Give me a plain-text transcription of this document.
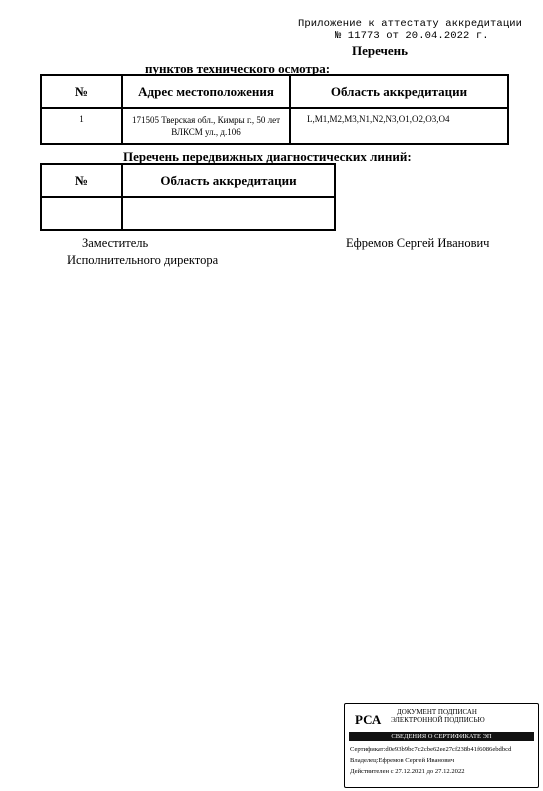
Приложение к аттестату аккредитации
№ 11773 от 20.04.2022 г.
Перечень
пунктов технического осмотра:
№	Адрес местоположения	Область аккредитации
1	171505 Тверская обл., Кимры г., 50 лет ВЛКСМ ул., д.106	L,M1,M2,M3,N1,N2,N3,O1,O2,O3,O4
Перечень передвижных диагностических линий:
№	Область аккредитации

Заместитель
Исполнительного директора
Ефремов Сергей Иванович
РСА	ДОКУМЕНТ ПОДПИСАН
ЭЛЕКТРОННОЙ ПОДПИСЬЮ
СВЕДЕНИЯ О СЕРТИФИКАТЕ ЭП
Сертификат:d0e93b9bc7c2cbe62ee27cf238b41f6086ebdbcd
Владелец:Ефремов Сергей Иванович
Действителен с 27.12.2021 до 27.12.2022
